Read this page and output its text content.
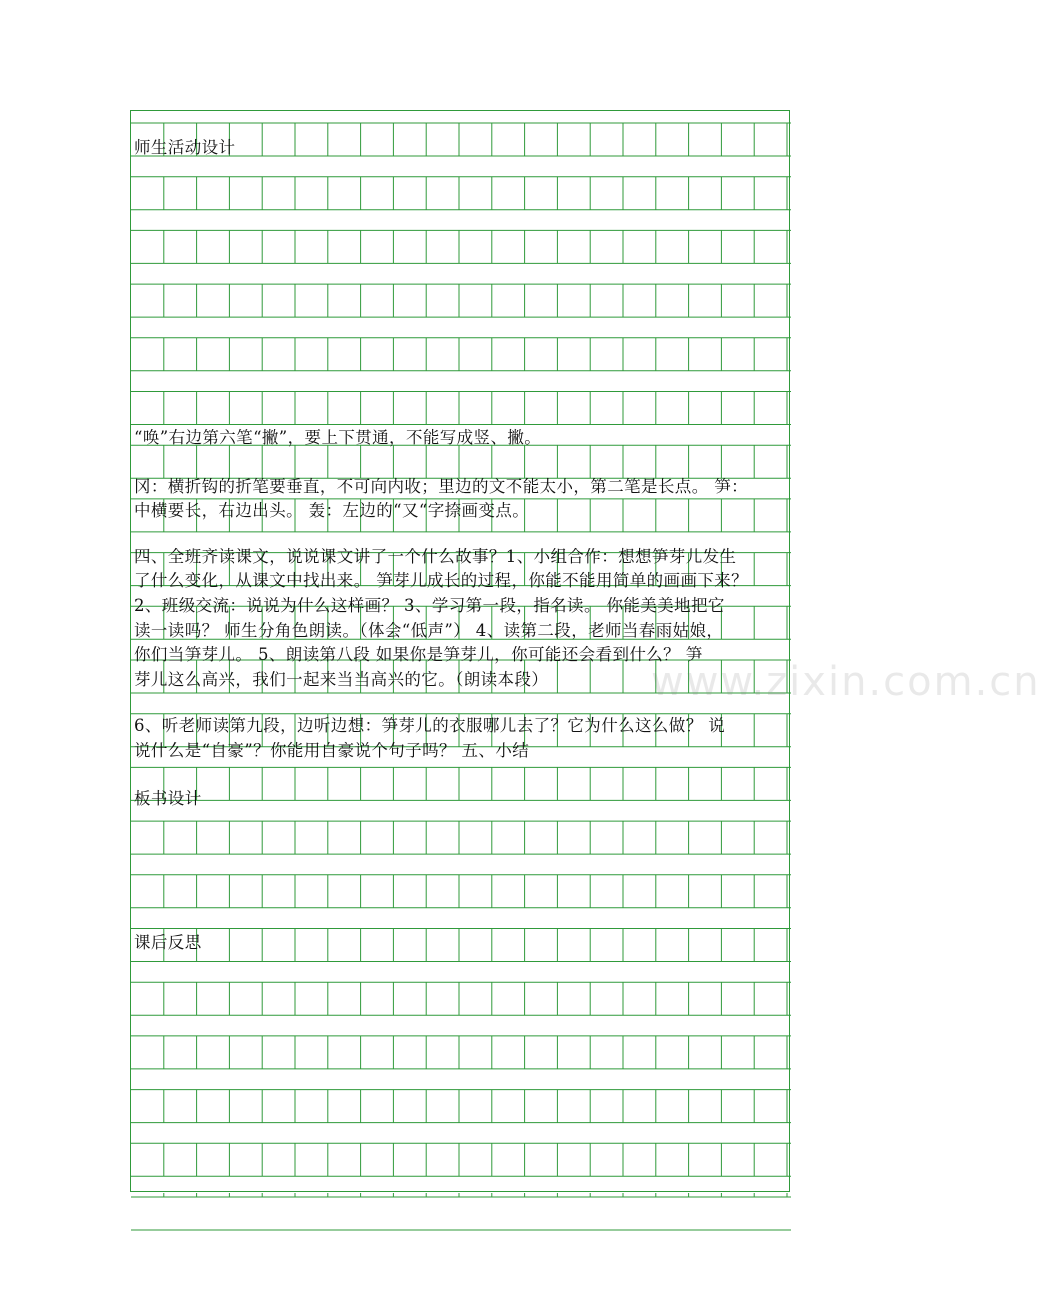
师生活动设计
“唤”右边第六笔“撇”，要上下贯通，不能写成竖、撇。
冈：横折钩的折笔要垂直，不可向内收；里边的文不能太小，第二笔是长点。 笋：
中横要长，右边出头。 轰：左边的“又“字捺画变点。
四、全班齐读课文，说说课文讲了一个什么故事？1、小组合作：想想笋芽儿发生
了什么变化，从课文中找出来。 笋芽儿成长的过程，你能不能用简单的画画下来？
2、班级交流：说说为什么这样画？ 3、学习第一段，指名读。 你能美美地把它
读一读吗？ 师生分角色朗读。（体会“低声”） 4、读第二段，老师当春雨姑娘，
你们当笋芽儿。 5、朗读第八段 如果你是笋芽儿，你可能还会看到什么？ 笋
芽儿这么高兴，我们一起来当当高兴的它。（朗读本段）
6、听老师读第九段，边听边想：笋芽儿的衣服哪儿去了？它为什么这么做？ 说
说什么是“自豪”？你能用自豪说个句子吗？ 五、小结
板书设计
课后反思
www.zixin.com.cn
